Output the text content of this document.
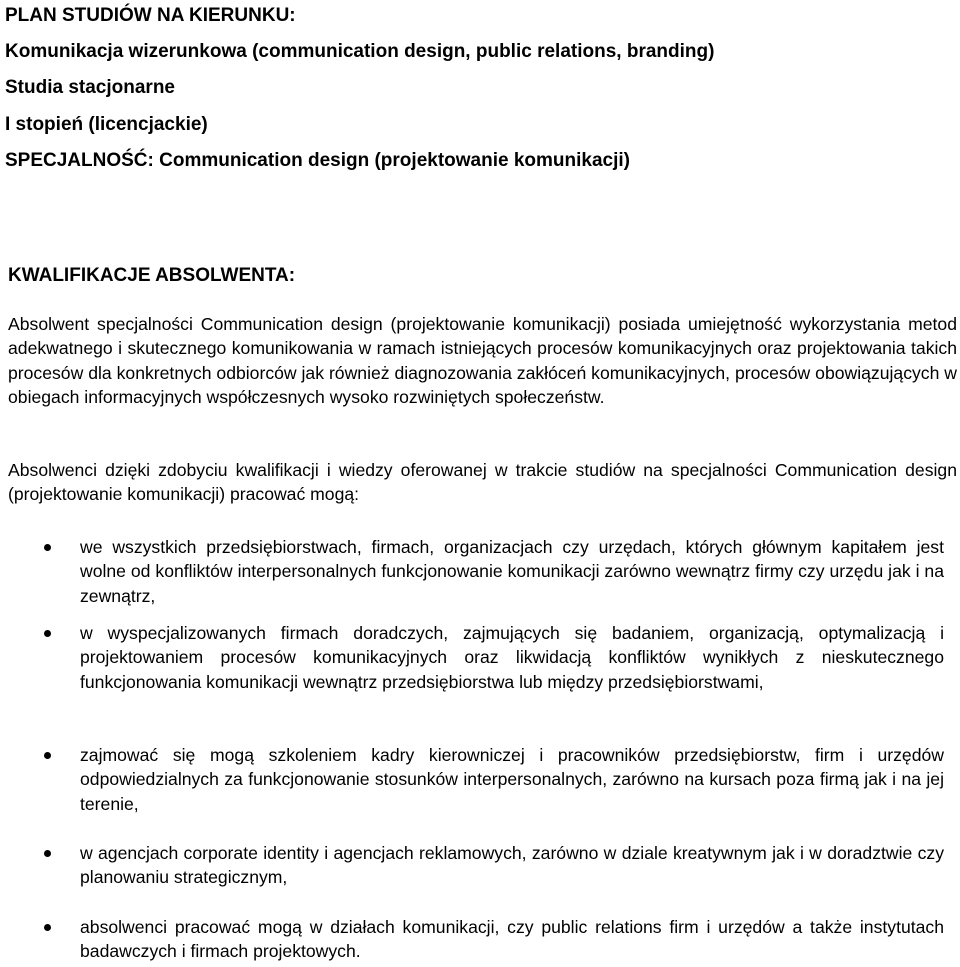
PLAN STUDIÓW NA KIERUNKU:
Komunikacja wizerunkowa (communication design, public relations, branding)

Studia stacjonarne

I stopień (licencjackie)

SPECJALNOŚĆ: Communication design (projektowanie komunikacji)

KWALIFIKACJE ABSOLWENTA:

Absolwent specjalności Communication design (projektowanie komunikacji) posiada umiejętność wykorzystania metod adekwatnego i skutecznego komunikowania w ramach istniejących procesów komunikacyjnych oraz projektowania takich procesów dla konkretnych odbiorców jak również diagnozowania zakłóceń komunikacyjnych, procesów obowiązujących w obiegach informacyjnych współczesnych wysoko rozwiniętych społeczeństw.

Absolwenci dzięki zdobyciu kwalifikacji i wiedzy oferowanej w trakcie studiów na specjalności Communication design (projektowanie komunikacji) pracować mogą:

we wszystkich przedsiębiorstwach, firmach, organizacjach czy urzędach, których głównym kapitałem jest wolne od konfliktów interpersonalnych funkcjonowanie komunikacji zarówno wewnątrz firmy czy urzędu jak i na zewnątrz,

w wyspecjalizowanych firmach doradczych, zajmujących się badaniem, organizacją, optymalizacją i projektowaniem procesów komunikacyjnych oraz likwidacją konfliktów wynikłych z nieskutecznego funkcjonowania komunikacji wewnątrz przedsiębiorstwa lub między przedsiębiorstwami,

zajmować się mogą szkoleniem kadry kierowniczej i pracowników przedsiębiorstw, firm i urzędów odpowiedzialnych za funkcjonowanie stosunków interpersonalnych, zarówno na kursach poza firmą jak i na jej terenie,

w agencjach corporate identity i agencjach reklamowych, zarówno w dziale kreatywnym jak i w doradztwie czy planowaniu strategicznym,

absolwenci pracować mogą w działach komunikacji, czy public relations firm i urzędów a także instytutach badawczych i firmach projektowych.
